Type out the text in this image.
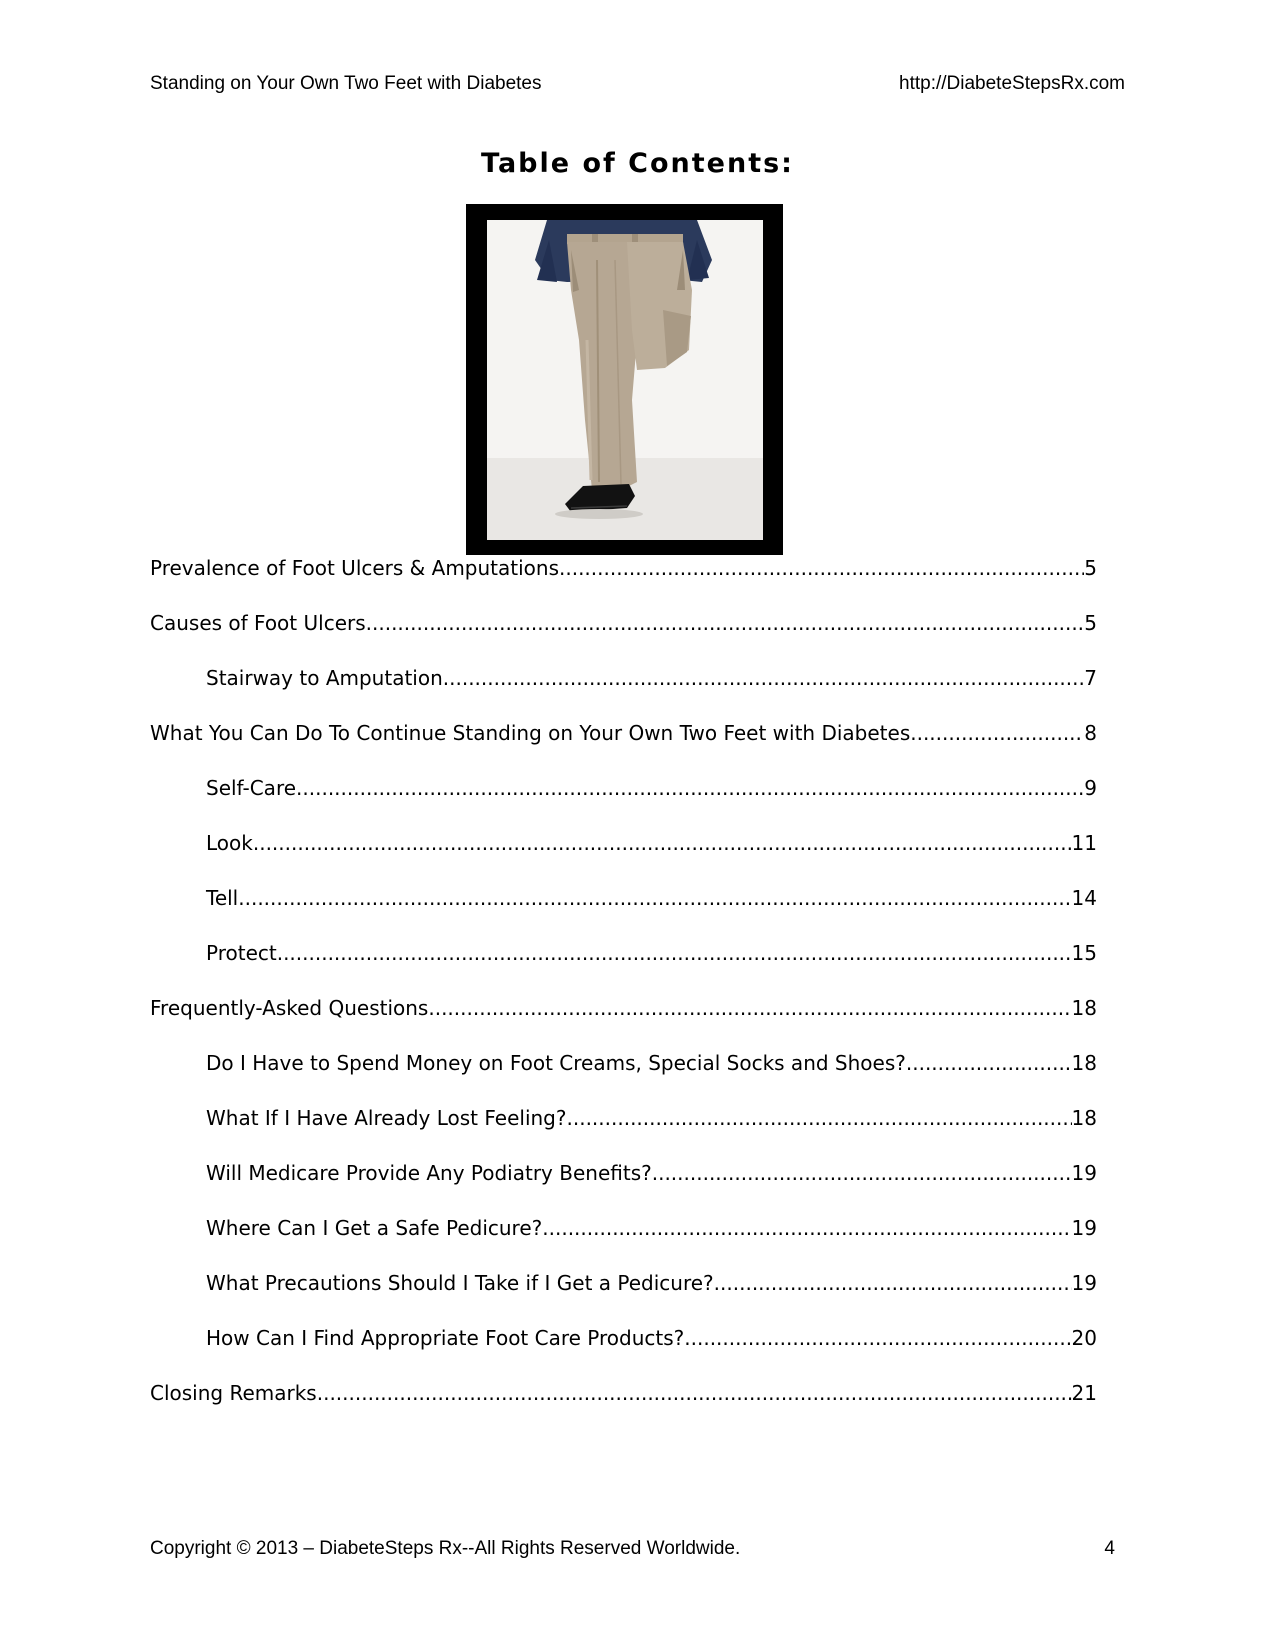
Standing on Your Own Two Feet with Diabetes	http://DiabeteStepsRx.com
Table of Contents:
Prevalence of Foot Ulcers & Amputations .....	5
Causes of Foot Ulcers .....	5
Stairway to Amputation .....	7
What You Can Do To Continue Standing on Your Own Two Feet with Diabetes .....	8
Self-Care .....	9
Look .....	11
Tell .....	14
Protect .....	15
Frequently-Asked Questions .....	18
Do I Have to Spend Money on Foot Creams, Special Socks and Shoes? .....	18
What If I Have Already Lost Feeling? .....	18
Will Medicare Provide Any Podiatry Benefits? .....	19
Where Can I Get a Safe Pedicure? .....	19
What Precautions Should I Take if I Get a Pedicure? .....	19
How Can I Find Appropriate Foot Care Products? .....	20
Closing Remarks .....	21
Copyright © 2013 – DiabeteSteps Rx--All Rights Reserved Worldwide.	4
